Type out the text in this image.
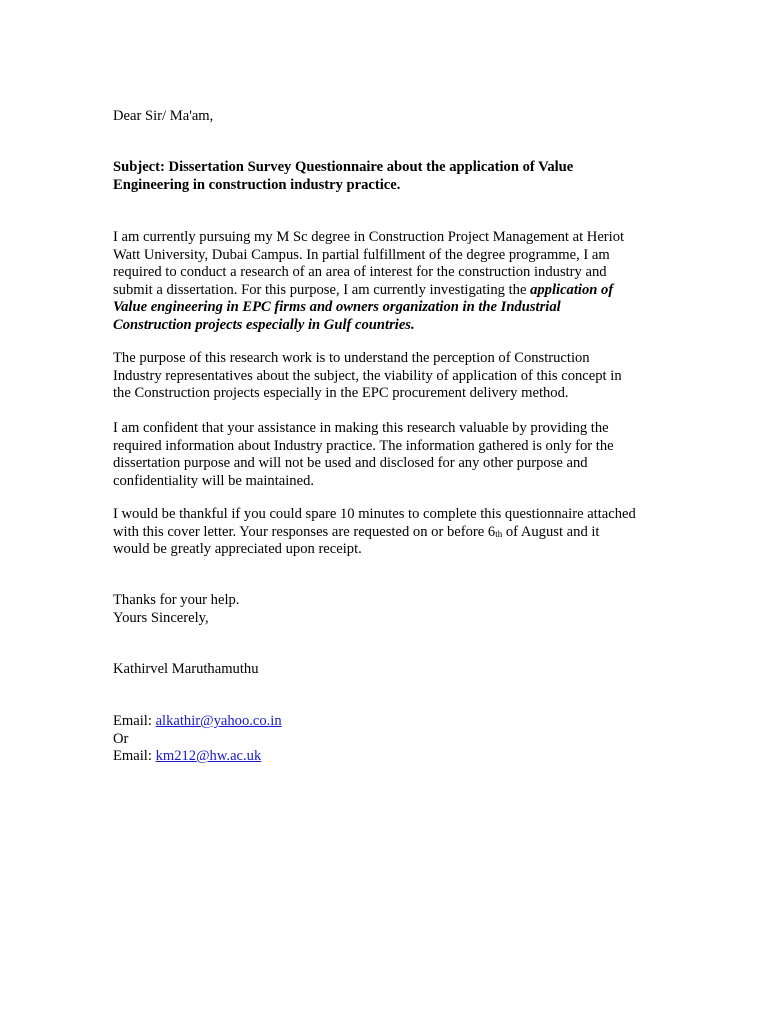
Dear Sir/ Ma'am,

Subject: Dissertation Survey Questionnaire about the application of Value
Engineering in construction industry practice.

I am currently pursuing my M Sc degree in Construction Project Management at Heriot
Watt University, Dubai Campus. In partial fulfillment of the degree programme, I am
required to conduct a research of an area of interest for the construction industry and
submit a dissertation. For this purpose, I am currently investigating the application of
Value engineering in EPC firms and owners organization in the Industrial
Construction projects especially in Gulf countries.

The purpose of this research work is to understand the perception of Construction
Industry representatives about the subject, the viability of application of this concept in
the Construction projects especially in the EPC procurement delivery method.

I am confident that your assistance in making this research valuable by providing the
required information about Industry practice. The information gathered is only for the
dissertation purpose and will not be used and disclosed for any other purpose and
confidentiality will be maintained.

I would be thankful if you could spare 10 minutes to complete this questionnaire attached
with this cover letter. Your responses are requested on or before $6_{th}$ of August and it
would be greatly appreciated upon receipt.

Thanks for your help.
Yours Sincerely,

Kathirvel Maruthamuthu

Email: alkathir@yahoo.co.in
Or
Email: km212@hw.ac.uk
